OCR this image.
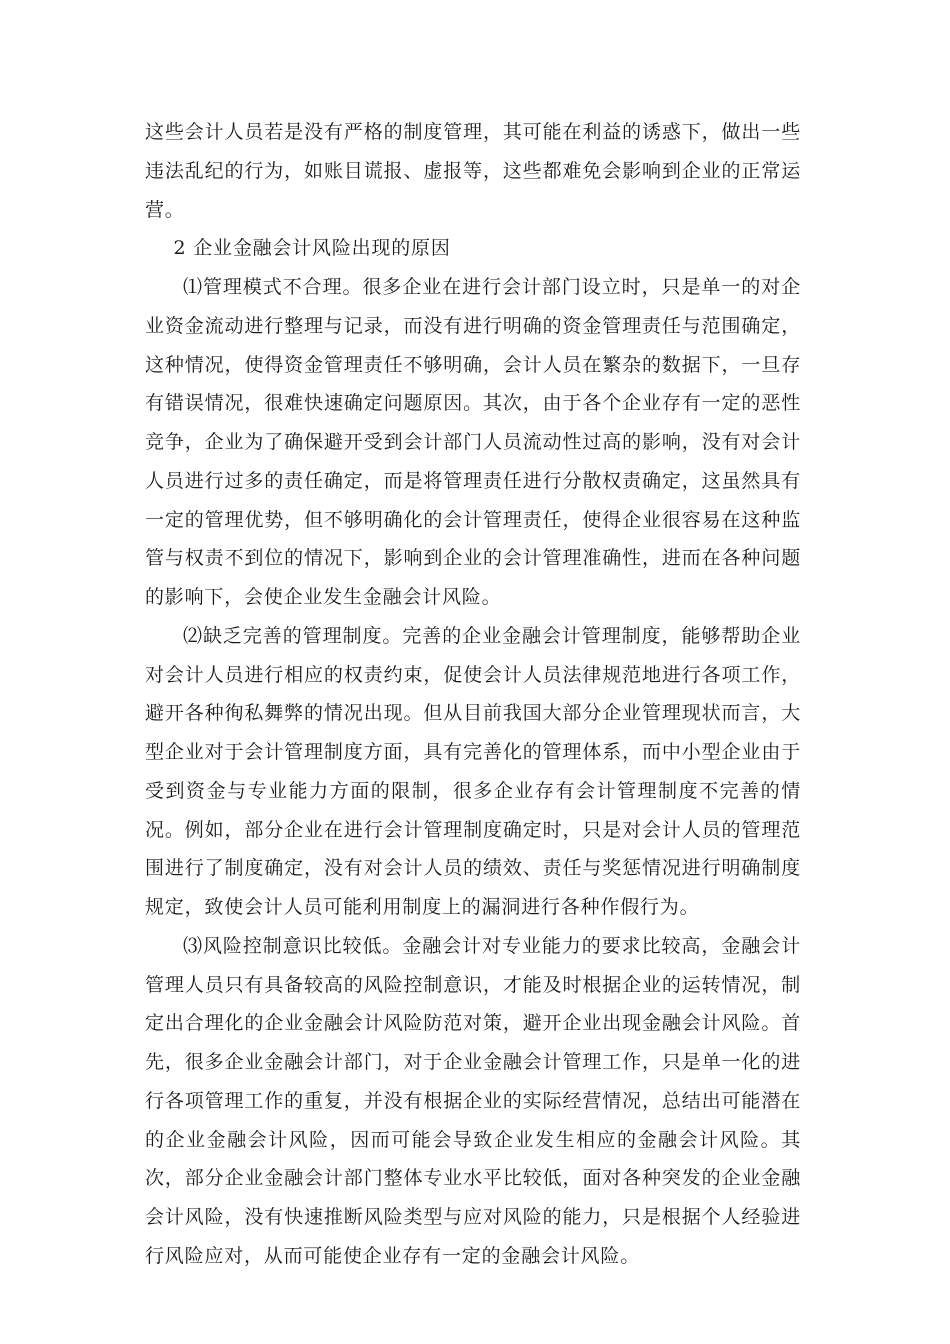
这些会计人员若是没有严格的制度管理，其可能在利益的诱惑下，做出一些违法乱纪的行为，如账目谎报、虚报等，这些都难免会影响到企业的正常运营。

2 企业金融会计风险出现的原因

⑴管理模式不合理。很多企业在进行会计部门设立时，只是单一的对企业资金流动进行整理与记录，而没有进行明确的资金管理责任与范围确定，这种情况，使得资金管理责任不够明确，会计人员在繁杂的数据下，一旦存有错误情况，很难快速确定问题原因。其次，由于各个企业存有一定的恶性竞争，企业为了确保避开受到会计部门人员流动性过高的影响，没有对会计人员进行过多的责任确定，而是将管理责任进行分散权责确定，这虽然具有一定的管理优势，但不够明确化的会计管理责任，使得企业很容易在这种监管与权责不到位的情况下，影响到企业的会计管理准确性，进而在各种问题的影响下，会使企业发生金融会计风险。

⑵缺乏完善的管理制度。完善的企业金融会计管理制度，能够帮助企业对会计人员进行相应的权责约束，促使会计人员法律规范地进行各项工作，避开各种徇私舞弊的情况出现。但从目前我国大部分企业管理现状而言，大型企业对于会计管理制度方面，具有完善化的管理体系，而中小型企业由于受到资金与专业能力方面的限制，很多企业存有会计管理制度不完善的情况。例如，部分企业在进行会计管理制度确定时，只是对会计人员的管理范围进行了制度确定，没有对会计人员的绩效、责任与奖惩情况进行明确制度规定，致使会计人员可能利用制度上的漏洞进行各种作假行为。

⑶风险控制意识比较低。金融会计对专业能力的要求比较高，金融会计管理人员只有具备较高的风险控制意识，才能及时根据企业的运转情况，制定出合理化的企业金融会计风险防范对策，避开企业出现金融会计风险。首先，很多企业金融会计部门，对于企业金融会计管理工作，只是单一化的进行各项管理工作的重复，并没有根据企业的实际经营情况，总结出可能潜在的企业金融会计风险，因而可能会导致企业发生相应的金融会计风险。其次，部分企业金融会计部门整体专业水平比较低，面对各种突发的企业金融会计风险，没有快速推断风险类型与应对风险的能力，只是根据个人经验进行风险应对，从而可能使企业存有一定的金融会计风险。
